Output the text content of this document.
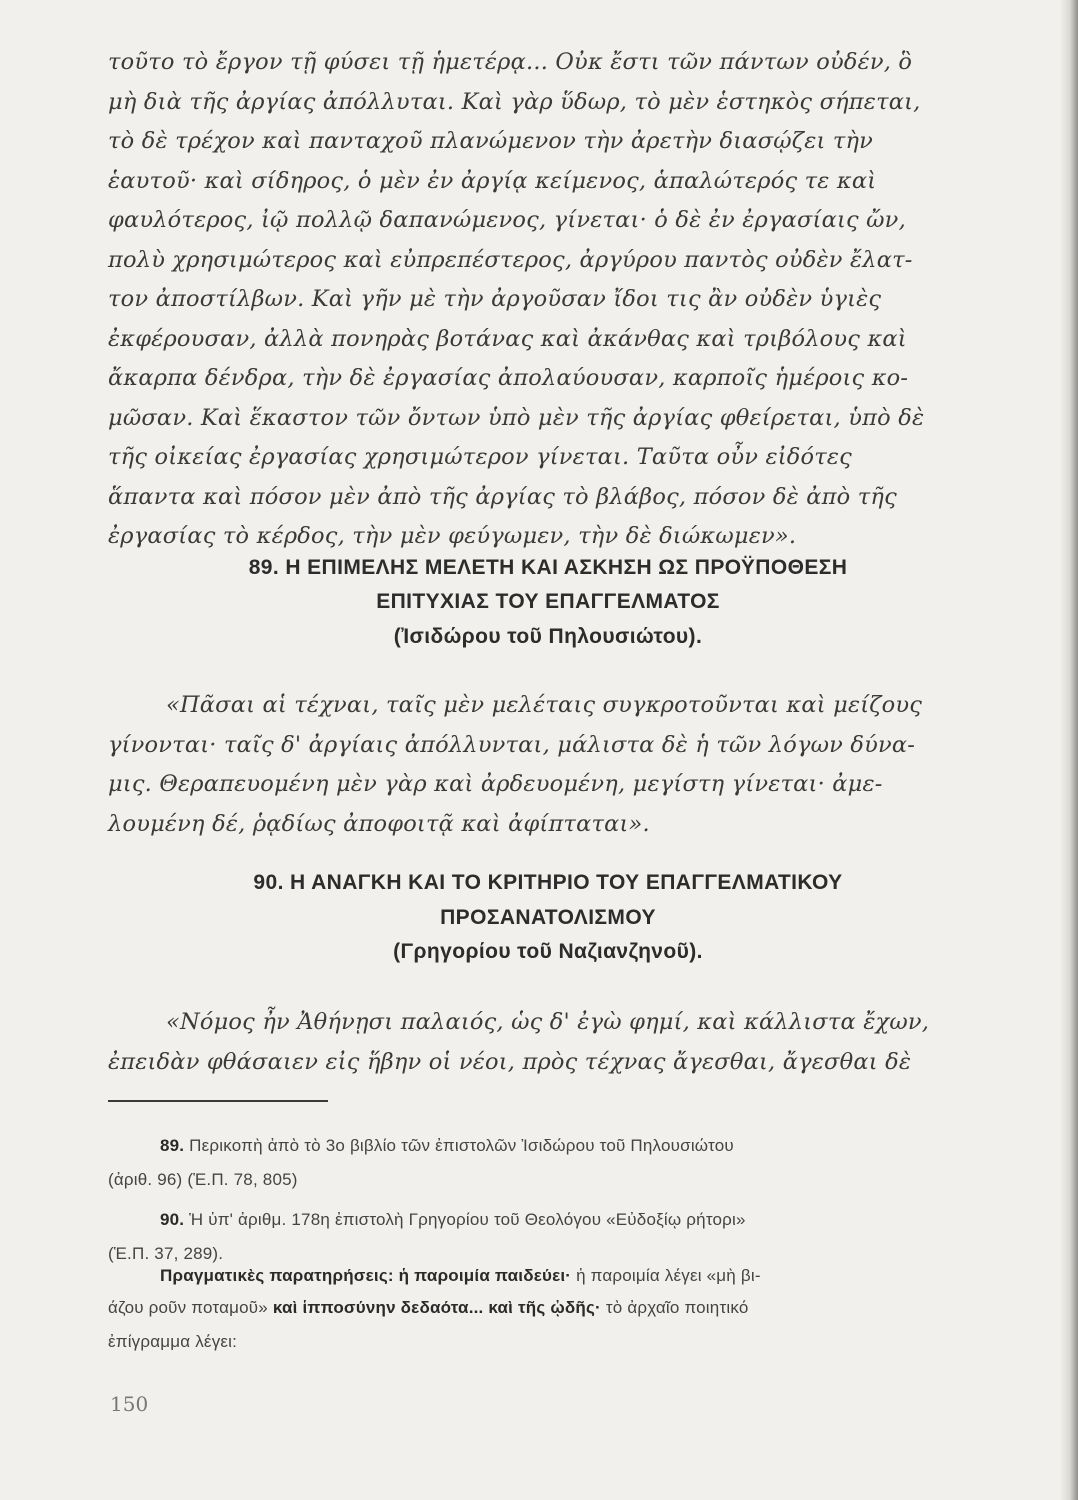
τοῦτο τὸ ἔργον τῇ φύσει τῇ ἡμετέρᾳ... Οὐκ ἔστι τῶν πάντων οὐδέν, ὃ
μὴ διὰ τῆς ἀργίας ἀπόλλυται. Καὶ γὰρ ὕδωρ, τὸ μὲν ἑστηκὸς σήπεται,
τὸ δὲ τρέχον καὶ πανταχοῦ πλανώμενον τὴν ἀρετὴν διασῴζει τὴν
ἑαυτοῦ· καὶ σίδηρος, ὁ μὲν ἐν ἀργίᾳ κείμενος, ἁπαλώτερός τε καὶ
φαυλότερος, ἰῷ πολλῷ δαπανώμενος, γίνεται· ὁ δὲ ἐν ἐργασίαις ὤν,
πολὺ χρησιμώτερος καὶ εὐπρεπέστερος, ἀργύρου παντὸς οὐδὲν ἔλατ-
τον ἀποστίλβων. Καὶ γῆν μὲ τὴν ἀργοῦσαν ἴδοι τις ἂν οὐδὲν ὑγιὲς
ἐκφέρουσαν, ἀλλὰ πονηρὰς βοτάνας καὶ ἀκάνθας καὶ τριβόλους καὶ
ἄκαρπα δένδρα, τὴν δὲ ἐργασίας ἀπολαύουσαν, καρποῖς ἡμέροις κο-
μῶσαν. Καὶ ἕκαστον τῶν ὄντων ὑπὸ μὲν τῆς ἀργίας φθείρεται, ὑπὸ δὲ
τῆς οἰκείας ἐργασίας χρησιμώτερον γίνεται. Ταῦτα οὖν εἰδότες
ἅπαντα καὶ πόσον μὲν ἀπὸ τῆς ἀργίας τὸ βλάβος, πόσον δὲ ἀπὸ τῆς
ἐργασίας τὸ κέρδος, τὴν μὲν φεύγωμεν, τὴν δὲ διώκωμεν».
89. Η ΕΠΙΜΕΛΗΣ ΜΕΛΕΤΗ ΚΑΙ ΑΣΚΗΣΗ ΩΣ ΠΡΟΫΠΟΘΕΣΗ
ΕΠΙΤΥΧΙΑΣ ΤΟΥ ΕΠΑΓΓΕΛΜΑΤΟΣ
(Ἰσιδώρου τοῦ Πηλουσιώτου).
«Πᾶσαι αἱ τέχναι, ταῖς μὲν μελέταις συγκροτοῦνται καὶ μείζους
γίνονται· ταῖς δ' ἀργίαις ἀπόλλυνται, μάλιστα δὲ ἡ τῶν λόγων δύνα-
μις. Θεραπευομένη μὲν γὰρ καὶ ἀρδευομένη, μεγίστη γίνεται· ἀμε-
λουμένη δέ, ῥᾳδίως ἀποφοιτᾷ καὶ ἀφίπταται».
90. Η ΑΝΑΓΚΗ ΚΑΙ ΤΟ ΚΡΙΤΗΡΙΟ ΤΟΥ ΕΠΑΓΓΕΛΜΑΤΙΚΟΥ
ΠΡΟΣΑΝΑΤΟΛΙΣΜΟΥ
(Γρηγορίου τοῦ Ναζιανζηνοῦ).
«Νόμος ἦν Ἀθήνῃσι παλαιός, ὡς δ' ἐγὼ φημί, καὶ κάλλιστα ἔχων,
ἐπειδὰν φθάσαιεν εἰς ἥβην οἱ νέοι, πρὸς τέχνας ἄγεσθαι, ἄγεσθαι δὲ
89. Περικοπὴ ἀπὸ τὸ 3ο βιβλίο τῶν ἐπιστολῶν Ἰσιδώρου τοῦ Πηλουσιώτου
(ἀριθ. 96) (Ἑ.Π. 78, 805)
90. Ἡ ὑπ' ἀριθμ. 178η ἐπιστολὴ Γρηγορίου τοῦ Θεολόγου «Εὐδοξίῳ ρήτορι»
(Ἑ.Π. 37, 289).
Πραγματικὲς παρατηρήσεις: ἡ παροιμία παιδεύει· ἡ παροιμία λέγει «μὴ βι-
άζου ροῦν ποταμοῦ» καὶ ἱπποσύνην δεδαότα... καὶ τῆς ᾠδῆς· τὸ ἀρχαῖο ποιητικό
ἐπίγραμμα λέγει:
150
